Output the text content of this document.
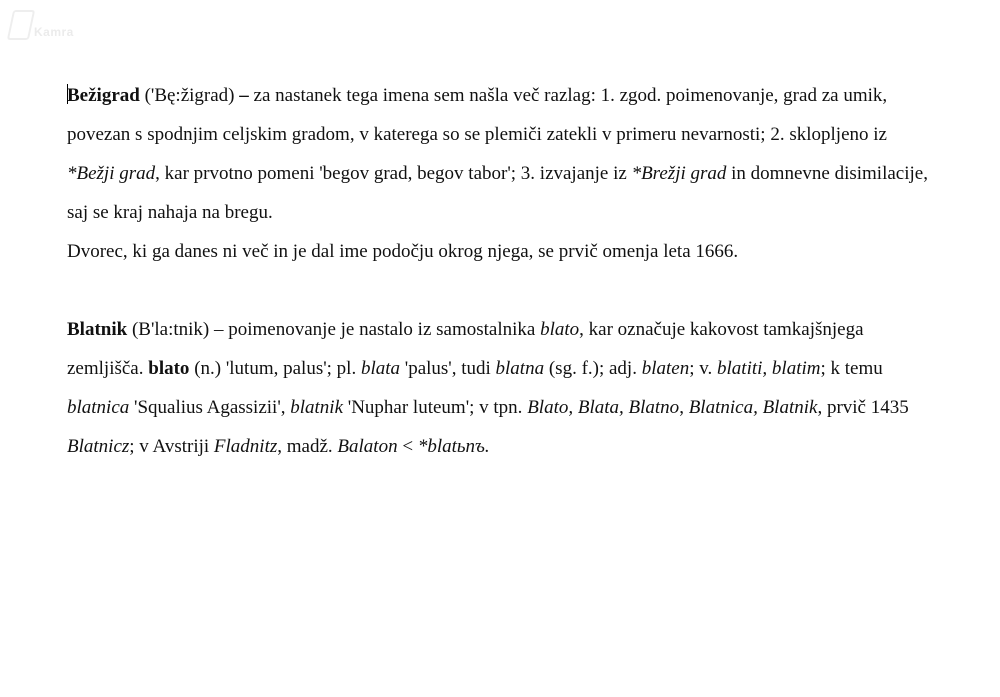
Kamra

Bežigrad ('Bę:žigrad) – za nastanek tega imena sem našla več razlag: 1. zgod. poimenovanje, grad za umik, povezan s spodnjim celjskim gradom, v katerega so se plemiči zatekli v primeru nevarnosti; 2. sklopljeno iz *Bežji grad, kar prvotno pomeni 'begov grad, begov tabor'; 3. izvajanje iz *Brežji grad in domnevne disimilacije, saj se kraj nahaja na bregu.
Dvorec, ki ga danes ni več in je dal ime podočju okrog njega, se prvič omenja leta 1666.

Blatnik (B'la:tnik) – poimenovanje je nastalo iz samostalnika blato, kar označuje kakovost tamkajšnjega zemljišča. blato (n.) 'lutum, palus'; pl. blata 'palus', tudi blatna (sg. f.); adj. blaten; v. blatiti, blatim; k temu blatnica 'Squalius Agassizii', blatnik 'Nuphar luteum'; v tpn. Blato, Blata, Blatno, Blatnica, Blatnik, prvič 1435 Blatnicz; v Avstriji Fladnitz, madž. Balaton < *blatьnъ.
